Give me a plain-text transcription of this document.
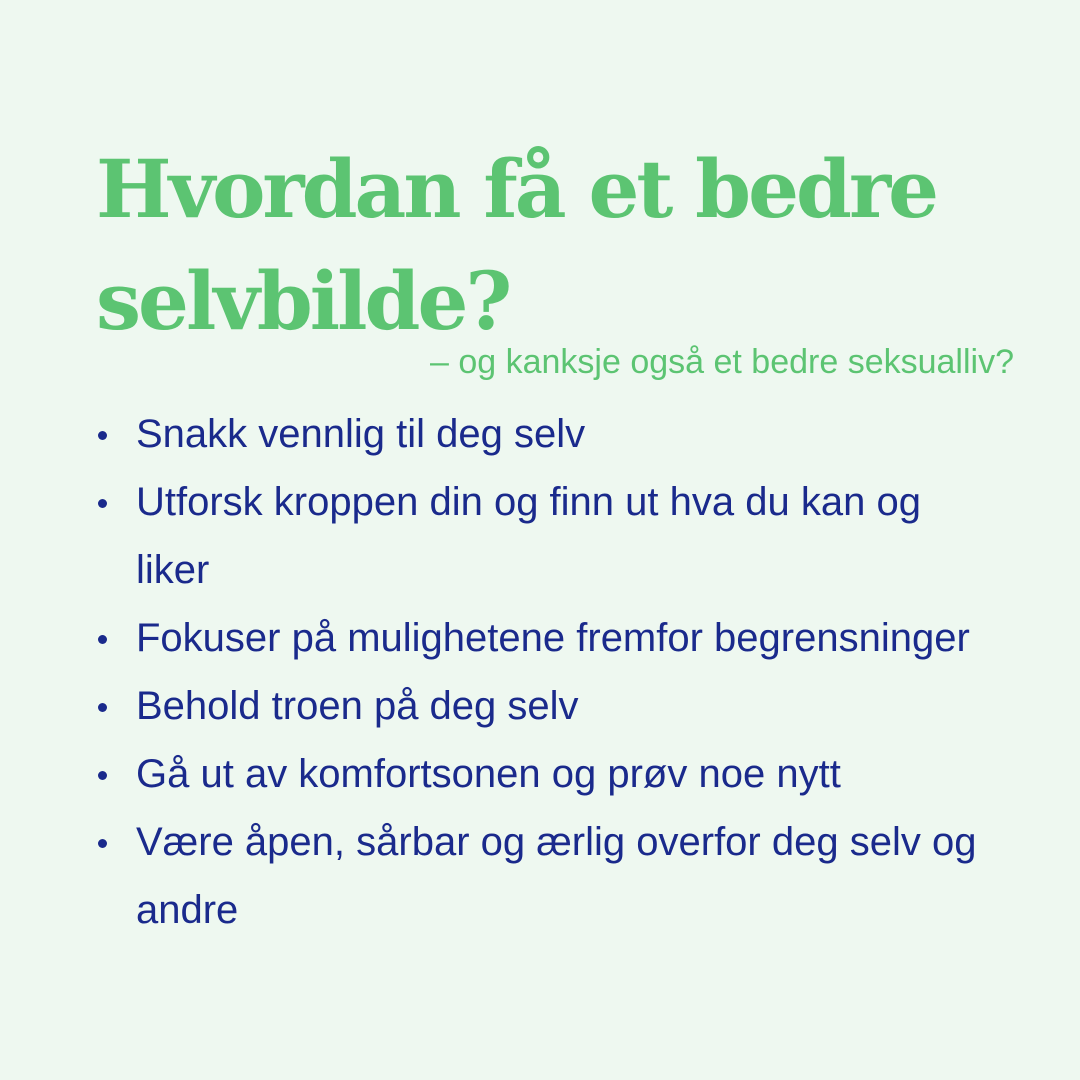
Hvordan få et bedre selvbilde?

– og kanksje også et bedre seksualliv?

Snakk vennlig til deg selv
Utforsk kroppen din og finn ut hva du kan og liker
Fokuser på mulighetene fremfor begrensninger
Behold troen på deg selv
Gå ut av komfortsonen og prøv noe nytt
Være åpen, sårbar og ærlig overfor deg selv og andre
